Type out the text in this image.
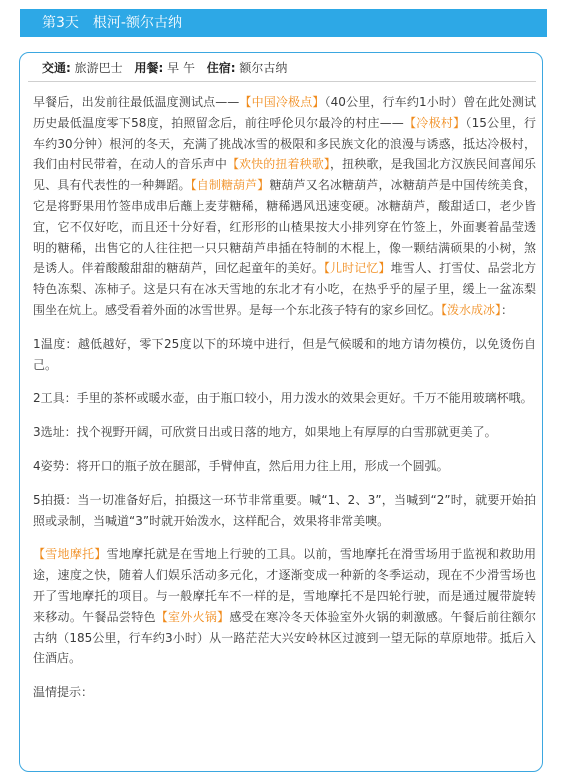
第3天　根河-额尔古纳
交通: 旅游巴士 用餐: 早 午 住宿: 额尔古纳

早餐后，出发前往最低温度测试点——【中国冷极点】（40公里，行车约1小时）曾在此处测试历史最低温度零下58度，拍照留念后，前往呼伦贝尔最冷的村庄——【冷极村】（15公里，行车约30分钟）根河的冬天，充满了挑战冰雪的极限和多民族文化的浪漫与诱惑，抵达冷极村，我们由村民带着，在动人的音乐声中【欢快的扭着秧歌】，扭秧歌，是我国北方汉族民间喜闻乐见、具有代表性的一种舞蹈。【自制糖葫芦】糖葫芦又名冰糖葫芦，冰糖葫芦是中国传统美食，它是将野果用竹签串成串后蘸上麦芽糖稀，糖稀遇风迅速变硬。冰糖葫芦，酸甜适口，老少皆宜，它不仅好吃，而且还十分好看，红形形的山楂果按大小排列穿在竹签上，外面裹着晶莹透明的糖稀，出售它的人往往把一只只糖葫芦串插在特制的木棍上，像一颗结满硕果的小树，煞是诱人。伴着酸酸甜甜的糖葫芦，回忆起童年的美好。【儿时记忆】堆雪人、打雪仗、品尝北方特色冻梨、冻柿子。这是只有在冰天雪地的东北才有小吃，在热乎乎的屋子里，缓上一盆冻梨围坐在炕上。感受看着外面的冰雪世界。是每一个东北孩子特有的家乡回忆。【泼水成冰】：

1温度：越低越好，零下25度以下的环境中进行，但是气候暖和的地方请勿模仿，以免烫伤自己。

2工具：手里的茶杯或暖水壶，由于瓶口较小，用力泼水的效果会更好。千万不能用玻璃杯哦。

3选址：找个视野开阔，可欣赏日出或日落的地方，如果地上有厚厚的白雪那就更美了。

4姿势：将开口的瓶子放在腿部，手臂伸直，然后用力往上用，形成一个圆弧。

5拍摄：当一切准备好后，拍摄这一环节非常重要。喊“1、2、3”，当喊到“2”时，就要开始拍照或录制，当喊道“3”时就开始泼水，这样配合，效果将非常美噢。

【雪地摩托】雪地摩托就是在雪地上行驶的工具。以前，雪地摩托在滑雪场用于监视和救助用途，速度之快，随着人们娱乐活动多元化，才逐渐变成一种新的冬季运动，现在不少滑雪场也开了雪地摩托的项目。与一般摩托车不一样的是，雪地摩托不是四轮行驶，而是通过履带旋转来移动。午餐品尝特色【室外火锅】感受在寒冷冬天体验室外火锅的刺激感。午餐后前往额尔古纳（185公里，行车约3小时）从一路茫茫大兴安岭林区过渡到一望无际的草原地带。抵后入住酒店。

温情提示：
